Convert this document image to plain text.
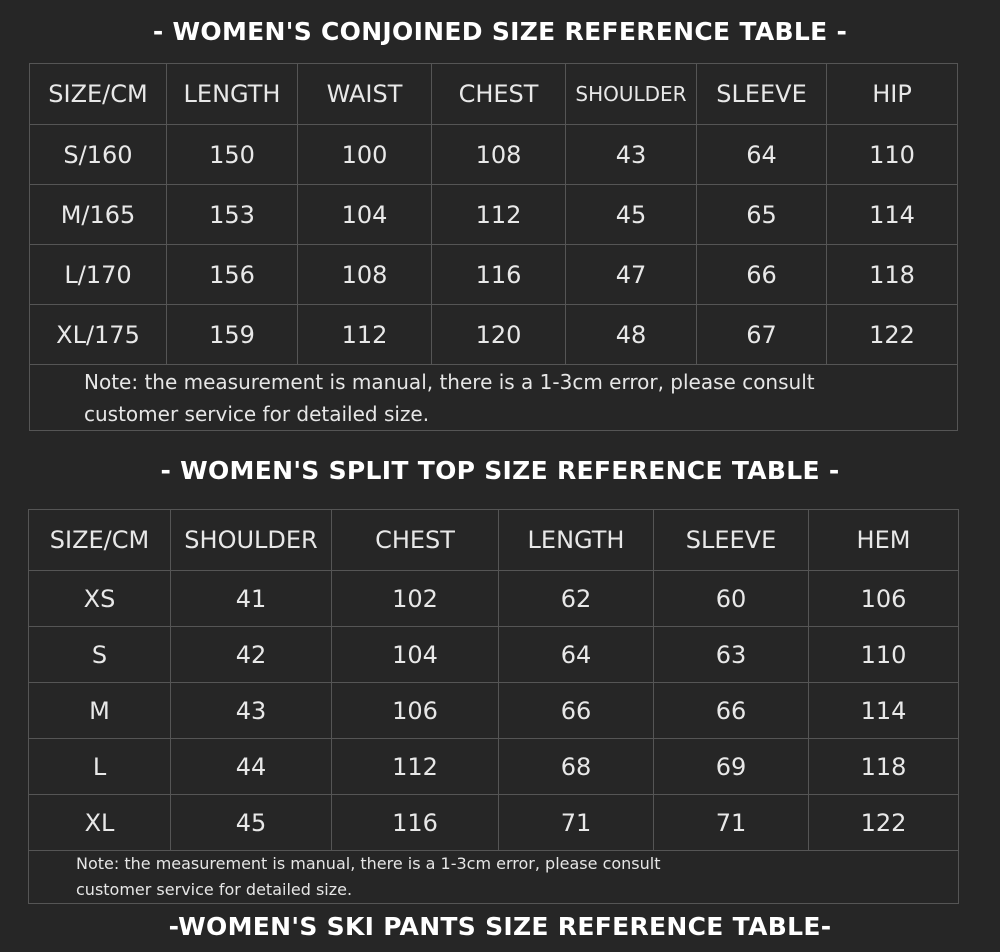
- WOMEN'S CONJOINED SIZE REFERENCE TABLE -
SIZE/CM	LENGTH	WAIST	CHEST	SHOULDER	SLEEVE	HIP
S/160	150	100	108	43	64	110
M/165	153	104	112	45	65	114
L/170	156	108	116	47	66	118
XL/175	159	112	120	48	67	122

Note: the measurement is manual, there is a 1-3cm error, please consult
customer service for detailed size.						
- WOMEN'S SPLIT TOP SIZE REFERENCE TABLE -
SIZE/CM	SHOULDER	CHEST	LENGTH	SLEEVE	HEM
XS	41	102	62	60	106
S	42	104	64	63	110
M	43	106	66	66	114
L	44	112	68	69	118
XL	45	116	71	71	122

Note: the measurement is manual, there is a 1-3cm error, please consult
customer service for detailed size.					
-WOMEN'S SKI PANTS SIZE REFERENCE TABLE-
